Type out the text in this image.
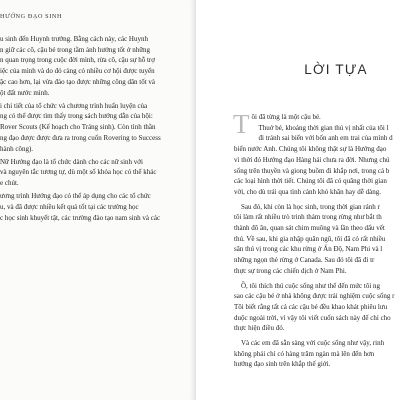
HƯỚNG ĐẠO SINH

u sinh đến Huynh trưởng. Bằng cách này, các Huynh

n giữ các cô, cậu bé trong tầm ảnh hưởng tốt ở những

n quan trọng trong cuộc đời mình, rừa cô, cậu sự hỗ trợ

iệc của mình và do đó càng có nhiều cơ hội được tuyển

ặc cao hơn, lại vừa đảo tạo được những công dân tốt và

ột đất nước mình.

i chi tiết của tổ chức và chương trình huấn luyện của

ng có thể được tìm thấy trong sách hướng dẫn của hội:

Rover Scouts (Kế hoạch cho Tráng sinh). Còn tình thần

ng đạo được được đưa ra trong cuốn Rovering to Success

hành công).

Nữ Hướng đạo là tổ chức dành cho các nữ sinh với

và nguyên tắc tương tự, dù một số khóa học có thể khác

e chút.

ương trình Hướng đạo có thể áp dụng cho các tổ chức

u, và đã được nhiều kết quả tốt tại các trường học

c học sinh khuyết tật, các trường đào tạo nam sinh và các

LỜI TỰA
T ôi đã từng là một cậu bé.

Thuở bé, khoảng thời gian thú vị nhất của tôi l

đi tránh sai biển với bốn anh em trai của mình d

biển nước Anh. Chúng tôi không thật sự là Hướng đạo

vì thời đó Hướng đạo Hàng hải chưa ra đời. Nhưng chú

sống trên thuyền và giong buồm đi khắp nơi, trong cả b

các loại hình thời tiết. Chúng tôi đã có quãng thời gian

vời, cho dù trải qua tình cảnh khó khăn hay dễ dàng.

Sau đó, khi còn là học sinh, trong thời gian rảnh r

tôi làm rất nhiều trò trinh thám trong rừng như bắt th

thành đô ăn, quan sát chim muông và lần theo dấu vết

thú. Về sau, khi gia nhập quân ngũ, tôi đã có rất nhiều

săn thú vị trong các khu rừng ở Ấn Độ, Nam Phi và l

những ngọn thẻ rừng ở Canada. Sau đó tôi đã đi tr

thực sự trong các chiến dịch ở Nam Phi.

Ồ, tôi thích thú cuộc sống như thế đến mức tôi ng

sao các cậu bé ở nhà không được trải nghiệm cuộc sống r

Tôi biết rằng tất cả các cậu bé đều khao khát phiêu lưu

duộc ngoài trời, vì vậy tôi viết cuốn sách này để chỉ cho

thực hiện điều đó.

Và các em đã sẵn sàng với cuộc sống như vậy, rinh

không phải chỉ có hàng trăm ngàn mà lên đến hơn

hướng đạo sinh trên khắp thế giới.
